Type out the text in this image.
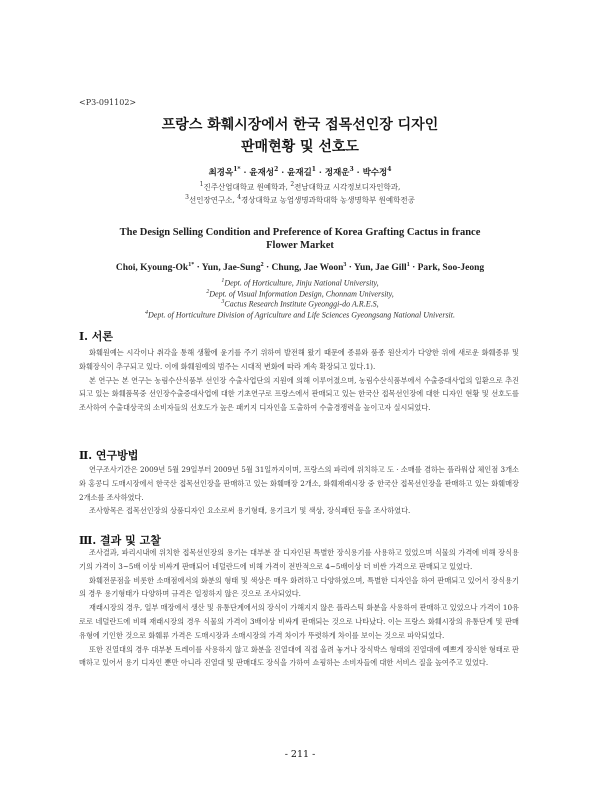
<P3-091102>
프랑스 화훼시장에서 한국 접목선인장 디자인
판매현황 및 선호도
최경옥$^{1*}$ · 윤재성$^2$ · 윤재길$^1$ · 정재운$^3$ · 박수정$^4$
$^1$진주산업대학교 원예학과, $^2$전남대학교 시각정보디자인학과,
$^3$선인장연구소, $^4$경상대학교 농업생명과학대학 농생명학부 원예학전공
The Design Selling Condition and Preference of Korea Grafting Cactus in france
Flower Market
Choi, Kyoung-$Ok^{1*}$ · Yun, Jae-Sung$^2$ · Chung, Jae Woon$^3$ · Yun, Jae Gill$^1$ · Park, Soo-Jeong
$^1$Dept. of Horticulture, Jinju National University,
$^2$Dept. of Visual Information Design, Chonnam University,
$^3$Cactus Research Institute Gyeonggi-do A.R.E.S,
$^4$Dept. of Horticulture Division of Agriculture and Life Sciences Gyeongsang National Universit.
Ⅰ. 서론

화훼원예는 시각이나 취각을 통해 생활에 윤기를 주기 위하여 발전해 왔기 때문에 종류와 품종 원산지가 다양한 위에 새로운 화훼종류 및 화훼장식이 추구되고 있다. 이에 화훼원예의 범주는 시대적 변화에 따라 계속 확장되고 있다.1).

본 연구는 본 연구는 농림수산식품부 선인장 수출사업단의 지원에 의해 이루어졌으며, 농림수산식품부에서 수출증대사업의 일환으로 추진되고 있는 화훼품목중 선인장수출증대사업에 대한 기초연구로 프랑스에서 판매되고 있는 한국산 접목선인장에 대한 디자인 현황 및 선호도를 조사하여 수출대상국의 소비자들의 선호도가 높은 패키지 디자인을 도출하여 수출경쟁력을 높이고자 실시되었다.

Ⅱ. 연구방법

연구조사기간은 2009년 5월 29일부터 2009년 5월 31일까지이며, 프랑스의 파리에 위치하고 도 · 소매를 겸하는 플라워샵 체인점 3개소와 홍콩디 도매시장에서 한국산 접목선인장을 판매하고 있는 화훼매장 2개소, 화훼재래시장 중 한국산 접목선인장을 판매하고 있는 화훼매장 2개소를 조사하였다.

조사항목은 접목선인장의 상품디자인 요소로써 용기형태, 용기크기 및 색상, 장식패턴 등을 조사하였다.

Ⅲ. 결과 및 고찰

조사결과, 파리시내에 위치한 접목선인장의 용기는 대부분 잘 디자인된 특별한 장식용기를 사용하고 있었으며 식물의 가격에 비해 장식용기의 가격이 3~5배 이상 비싸게 판매되어 네덜란드에 비해 가격이 전반적으로 4~5배이상 더 비싼 가격으로 판매되고 있었다.

화훼전문점을 비롯한 소매점에서의 화분의 형태 및 색상은 매우 화려하고 다양하였으며, 특별한 디자인을 하여 판매되고 있어서 장식용기의 경우 용기형태가 다양하며 규격은 일정하지 않은 것으로 조사되었다.

재래시장의 경우, 일부 매장에서 생산 및 유통단계에서의 장식이 가해지지 않은 플라스틱 화분을 사용하여 판매하고 있었으나 가격이 10유로로 네덜란드에 비해 재래시장의 경우 식물의 가격이 3배이상 비싸게 판매되는 것으로 나타났다. 이는 프랑스 화훼시장의 유통단계 및 판매유형에 기인한 것으로 화훼류 가격은 도매시장과 소매시장의 가격 차이가 뚜렷하게 차이를 보이는 것으로 파악되었다.

또한 진열대의 경우 대부분 트레이를 사용하지 않고 화분을 진열대에 직접 올려 놓거나 장식박스 형태의 진열대에 예쁘게 장식한 형태로 판매하고 있어서 용기 디자인 뿐만 아니라 진열대 및 판매대도 장식을 가하여 쇼핑하는 소비자들에 대한 서비스 질을 높여주고 있었다.

- 211 -
